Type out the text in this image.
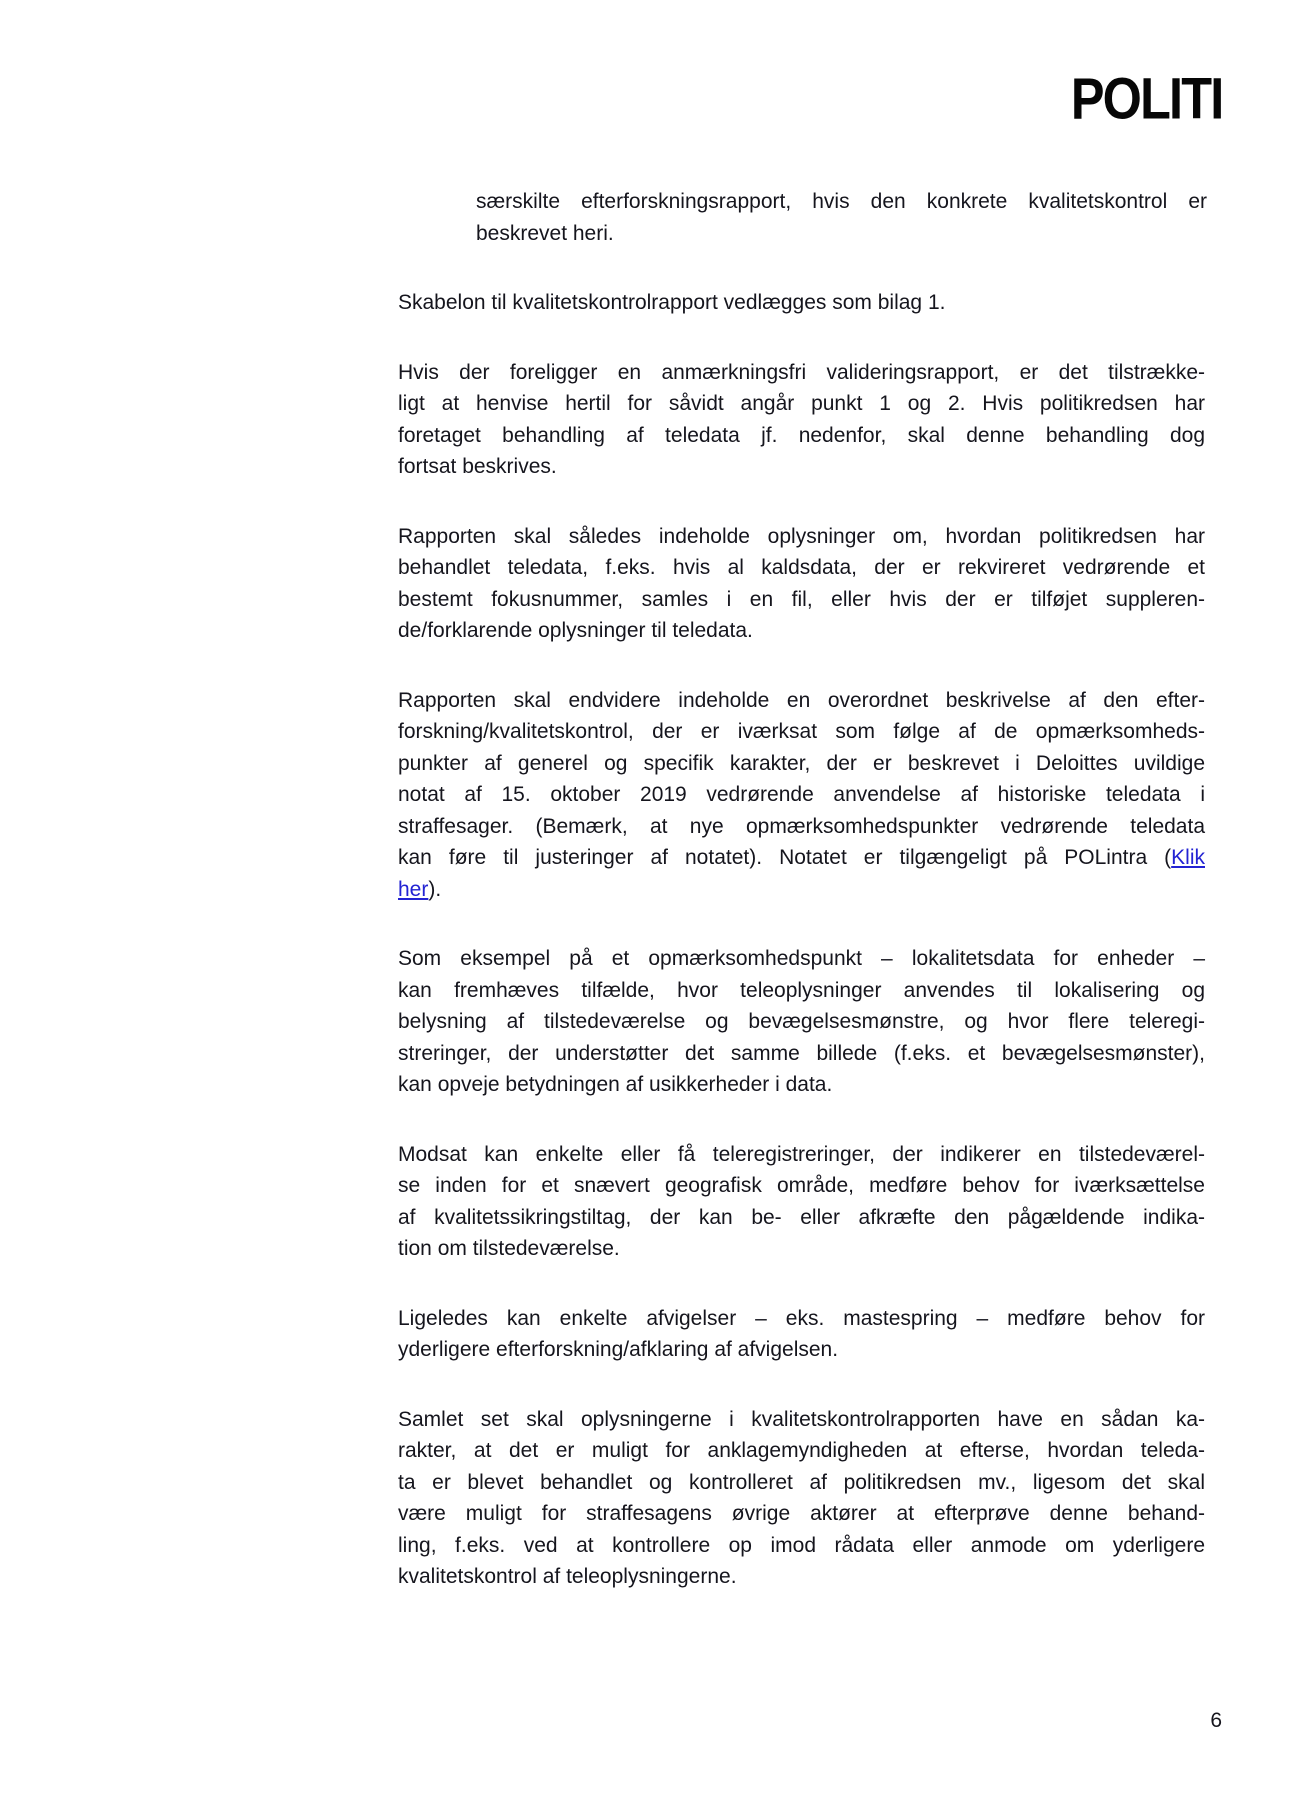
POLITI
særskilte efterforskningsrapport, hvis den konkrete kvalitetskontrol er
beskrevet heri.
Skabelon til kvalitetskontrolrapport vedlægges som bilag 1.
Hvis der foreligger en anmærkningsfri valideringsrapport, er det tilstrække-
ligt at henvise hertil for såvidt angår punkt 1 og 2. Hvis politikredsen har
foretaget behandling af teledata jf. nedenfor, skal denne behandling dog
fortsat beskrives.
Rapporten skal således indeholde oplysninger om, hvordan politikredsen har
behandlet teledata, f.eks. hvis al kaldsdata, der er rekvireret vedrørende et
bestemt fokusnummer, samles i en fil, eller hvis der er tilføjet suppleren-
de/forklarende oplysninger til teledata.
Rapporten skal endvidere indeholde en overordnet beskrivelse af den efter-
forskning/kvalitetskontrol, der er iværksat som følge af de opmærksomheds-
punkter af generel og specifik karakter, der er beskrevet i Deloittes uvildige
notat af 15. oktober 2019 vedrørende anvendelse af historiske teledata i
straffesager. (Bemærk, at nye opmærksomhedspunkter vedrørende teledata
kan føre til justeringer af notatet). Notatet er tilgængeligt på POLintra (Klik
her).
Som eksempel på et opmærksomhedspunkt – lokalitetsdata for enheder –
kan fremhæves tilfælde, hvor teleoplysninger anvendes til lokalisering og
belysning af tilstedeværelse og bevægelsesmønstre, og hvor flere teleregi-
streringer, der understøtter det samme billede (f.eks. et bevægelsesmønster),
kan opveje betydningen af usikkerheder i data.
Modsat kan enkelte eller få teleregistreringer, der indikerer en tilstedeværel-
se inden for et snævert geografisk område, medføre behov for iværksættelse
af kvalitetssikringstiltag, der kan be- eller afkræfte den pågældende indika-
tion om tilstedeværelse.
Ligeledes kan enkelte afvigelser – eks. mastespring – medføre behov for
yderligere efterforskning/afklaring af afvigelsen.
Samlet set skal oplysningerne i kvalitetskontrolrapporten have en sådan ka-
rakter, at det er muligt for anklagemyndigheden at efterse, hvordan teleda-
ta er blevet behandlet og kontrolleret af politikredsen mv., ligesom det skal
være muligt for straffesagens øvrige aktører at efterprøve denne behand-
ling, f.eks. ved at kontrollere op imod rådata eller anmode om yderligere
kvalitetskontrol af teleoplysningerne.
6
